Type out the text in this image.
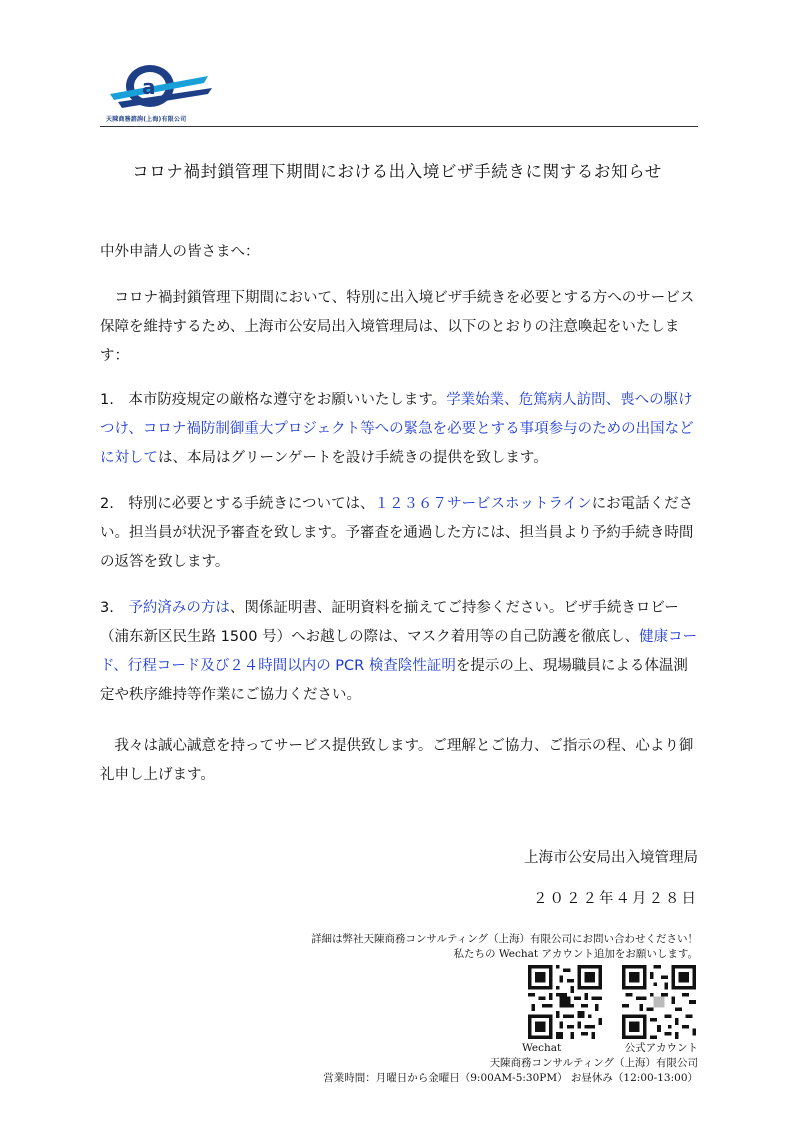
a
天陳商務諮詢(上海)有限公司
コロナ禍封鎖管理下期間における出入境ビザ手続きに関するお知らせ
中外申請人の皆さまへ：

　コロナ禍封鎖管理下期間において、特別に出入境ビザ手続きを必要とする方へのサービス保障を維持するため、上海市公安局出入境管理局は、以下のとおりの注意喚起をいたします：

1.　本市防疫規定の厳格な遵守をお願いいたします。学業始業、危篤病人訪問、喪への駆けつけ、コロナ禍防制御重大プロジェクト等への緊急を必要とする事項参与のための出国などに対しては、本局はグリーンゲートを設け手続きの提供を致します。

2.　特別に必要とする手続きについては、１２３６７サービスホットラインにお電話ください。担当員が状況予審査を致します。予審査を通過した方には、担当員より予約手続き時間の返答を致します。

3.　予約済みの方は、関係証明書、証明資料を揃えてご持参ください。ビザ手続きロビー（浦东新区民生路 1500 号）へお越しの際は、マスク着用等の自己防護を徹底し、健康コード、行程コード及び２４時間以内の PCR 検査陰性証明を提示の上、現場職員による体温測定や秩序維持等作業にご協力ください。

　我々は誠心誠意を持ってサービス提供致します。ご理解とご協力、ご指示の程、心より御礼申し上げます。

上海市公安局出入境管理局
２０２２年４月２８日
詳細は弊社天陳商務コンサルティング（上海）有限公司にお問い合わせください！
私たちの Wechat アカウント追加をお願いします。
Wechat	公式アカウント
天陳商務コンサルティング（上海）有限公司
営業時間：月曜日から金曜日（9:00AM-5:30PM） お昼休み（12:00-13:00）
